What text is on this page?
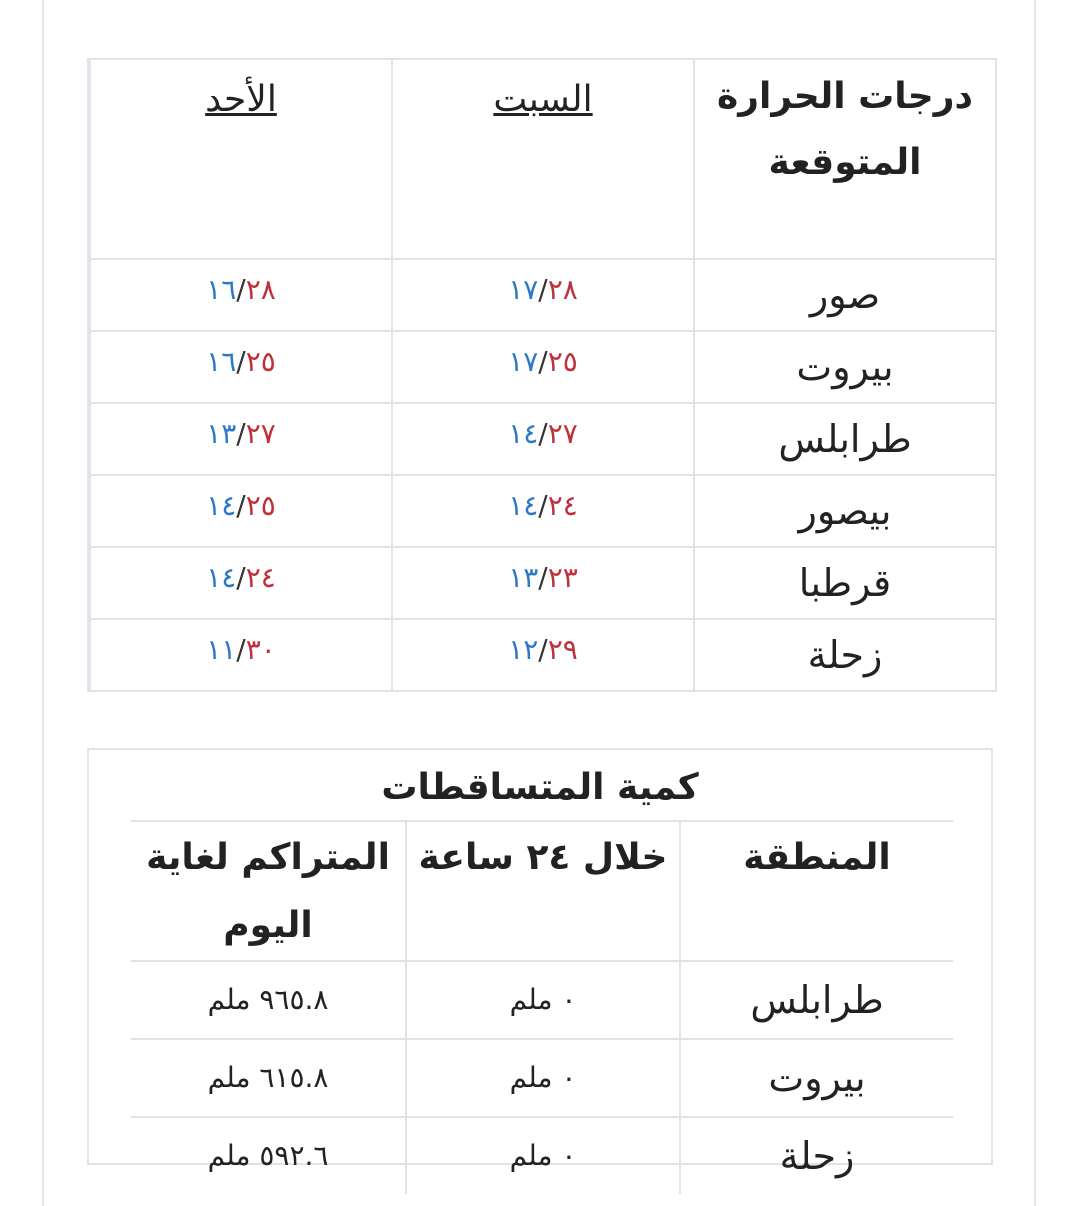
درجات الحرارة المتوقعة	السبت	الأحد
صور	١٧/٢٨	١٦/٢٨
بيروت	١٧/٢٥	١٦/٢٥
طرابلس	١٤/٢٧	١٣/٢٧
بيصور	١٤/٢٤	١٤/٢٥
قرطبا	١٣/٢٣	١٤/٢٤
زحلة	١٢/٢٩	١١/٣٠
كمية المتساقطات
المنطقة	خلال ٢٤ ساعة	المتراكم لغاية اليوم
طرابلس	٠ ملم	٩٦٥.٨ ملم
بيروت	٠ ملم	٦١٥.٨ ملم
زحلة	٠ ملم	٥٩٢.٦ ملم
